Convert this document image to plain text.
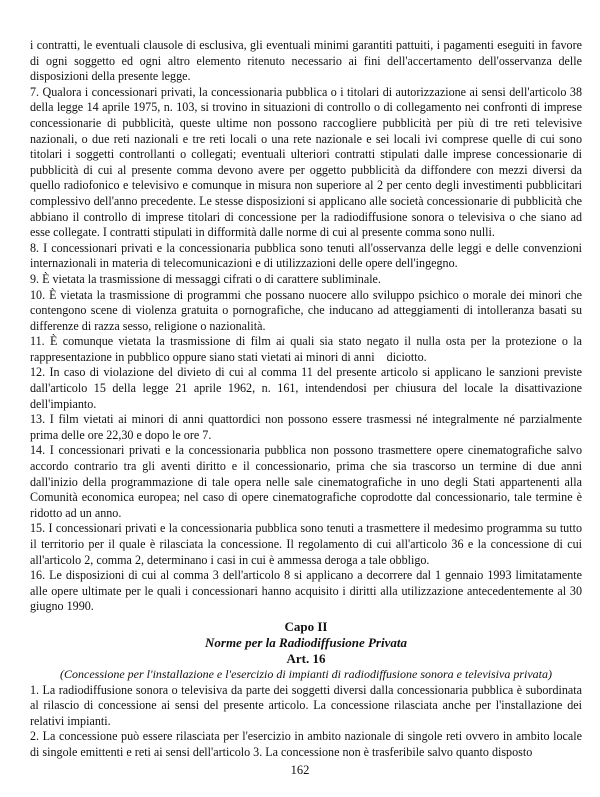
i contratti, le eventuali clausole di esclusiva, gli eventuali minimi garantiti pattuiti, i pagamenti eseguiti in favore di ogni soggetto ed ogni altro elemento ritenuto necessario ai fini dell'accertamento dell'osservanza delle disposizioni della presente legge.

7. Qualora i concessionari privati, la concessionaria pubblica o i titolari di autorizzazione ai sensi dell'articolo 38 della legge 14 aprile 1975, n. 103, si trovino in situazioni di controllo o di collegamento nei confronti di imprese concessionarie di pubblicità, queste ultime non possono raccogliere pubblicità per più di tre reti televisive nazionali, o due reti nazionali e tre reti locali o una rete nazionale e sei locali ivi comprese quelle di cui sono titolari i soggetti controllanti o collegati; eventuali ulteriori contratti stipulati dalle imprese concessionarie di pubblicità di cui al presente comma devono avere per oggetto pubblicità da diffondere con mezzi diversi da quello radiofonico e televisivo e comunque in misura non superiore al 2 per cento degli investimenti pubblicitari complessivo dell'anno precedente. Le stesse disposizioni si applicano alle società concessionarie di pubblicità che abbiano il controllo di imprese titolari di concessione per la radiodiffusione sonora o televisiva o che siano ad esse collegate. I contratti stipulati in difformità dalle norme di cui al presente comma sono nulli.

8. I concessionari privati e la concessionaria pubblica sono tenuti all'osservanza delle leggi e delle convenzioni internazionali in materia di telecomunicazioni e di utilizzazioni delle opere dell'ingegno.

9. È vietata la trasmissione di messaggi cifrati o di carattere subliminale.

10. È vietata la trasmissione di programmi che possano nuocere allo sviluppo psichico o morale dei minori che contengono scene di violenza gratuita o pornografiche, che inducano ad atteggiamenti di intolleranza basati su differenze di razza sesso, religione o nazionalità.

11. È comunque vietata la trasmissione di film ai quali sia stato negato il nulla osta per la protezione o la rappresentazione in pubblico oppure siano stati vietati ai minori di anni    diciotto.

12. In caso di violazione del divieto di cui al comma 11 del presente articolo si applicano le sanzioni previste dall'articolo 15 della legge 21 aprile 1962, n. 161, intendendosi per chiusura del locale la disattivazione dell'impianto.

13. I film vietati ai minori di anni quattordici non possono essere trasmessi né integralmente né parzialmente prima delle ore 22,30 e dopo le ore 7.

14. I concessionari privati e la concessionaria pubblica non possono trasmettere opere cinematografiche salvo accordo contrario tra gli aventi diritto e il concessionario, prima che sia trascorso un termine di due anni dall'inizio della programmazione di tale opera nelle sale cinematografiche in uno degli Stati appartenenti alla Comunità economica europea; nel caso di opere cinematografiche coprodotte dal concessionario, tale termine è ridotto ad un anno.

15. I concessionari privati e la concessionaria pubblica sono tenuti a trasmettere il medesimo programma su tutto il territorio per il quale è rilasciata la concessione. Il regolamento di cui all'articolo 36 e la concessione di cui all'articolo 2, comma 2, determinano i casi in cui è ammessa deroga a tale obbligo.

16. Le disposizioni di cui al comma 3 dell'articolo 8 si applicano a decorrere dal 1 gennaio 1993 limitatamente alle opere ultimate per le quali i concessionari hanno acquisito i diritti alla utilizzazione antecedentemente al 30 giugno 1990.

Capo II

Norme per la Radiodiffusione Privata

Art. 16

(Concessione per l'installazione e l'esercizio di impianti di radiodiffusione sonora e televisiva privata)

1. La radiodiffusione sonora o televisiva da parte dei soggetti diversi dalla concessionaria pubblica è subordinata al rilascio di concessione ai sensi del presente articolo. La concessione rilasciata anche per l'installazione dei relativi impianti.

2. La concessione può essere rilasciata per l'esercizio in ambito nazionale di singole reti ovvero in ambito locale di singole emittenti e reti ai sensi dell'articolo 3. La concessione non è trasferibile salvo quanto disposto

162
